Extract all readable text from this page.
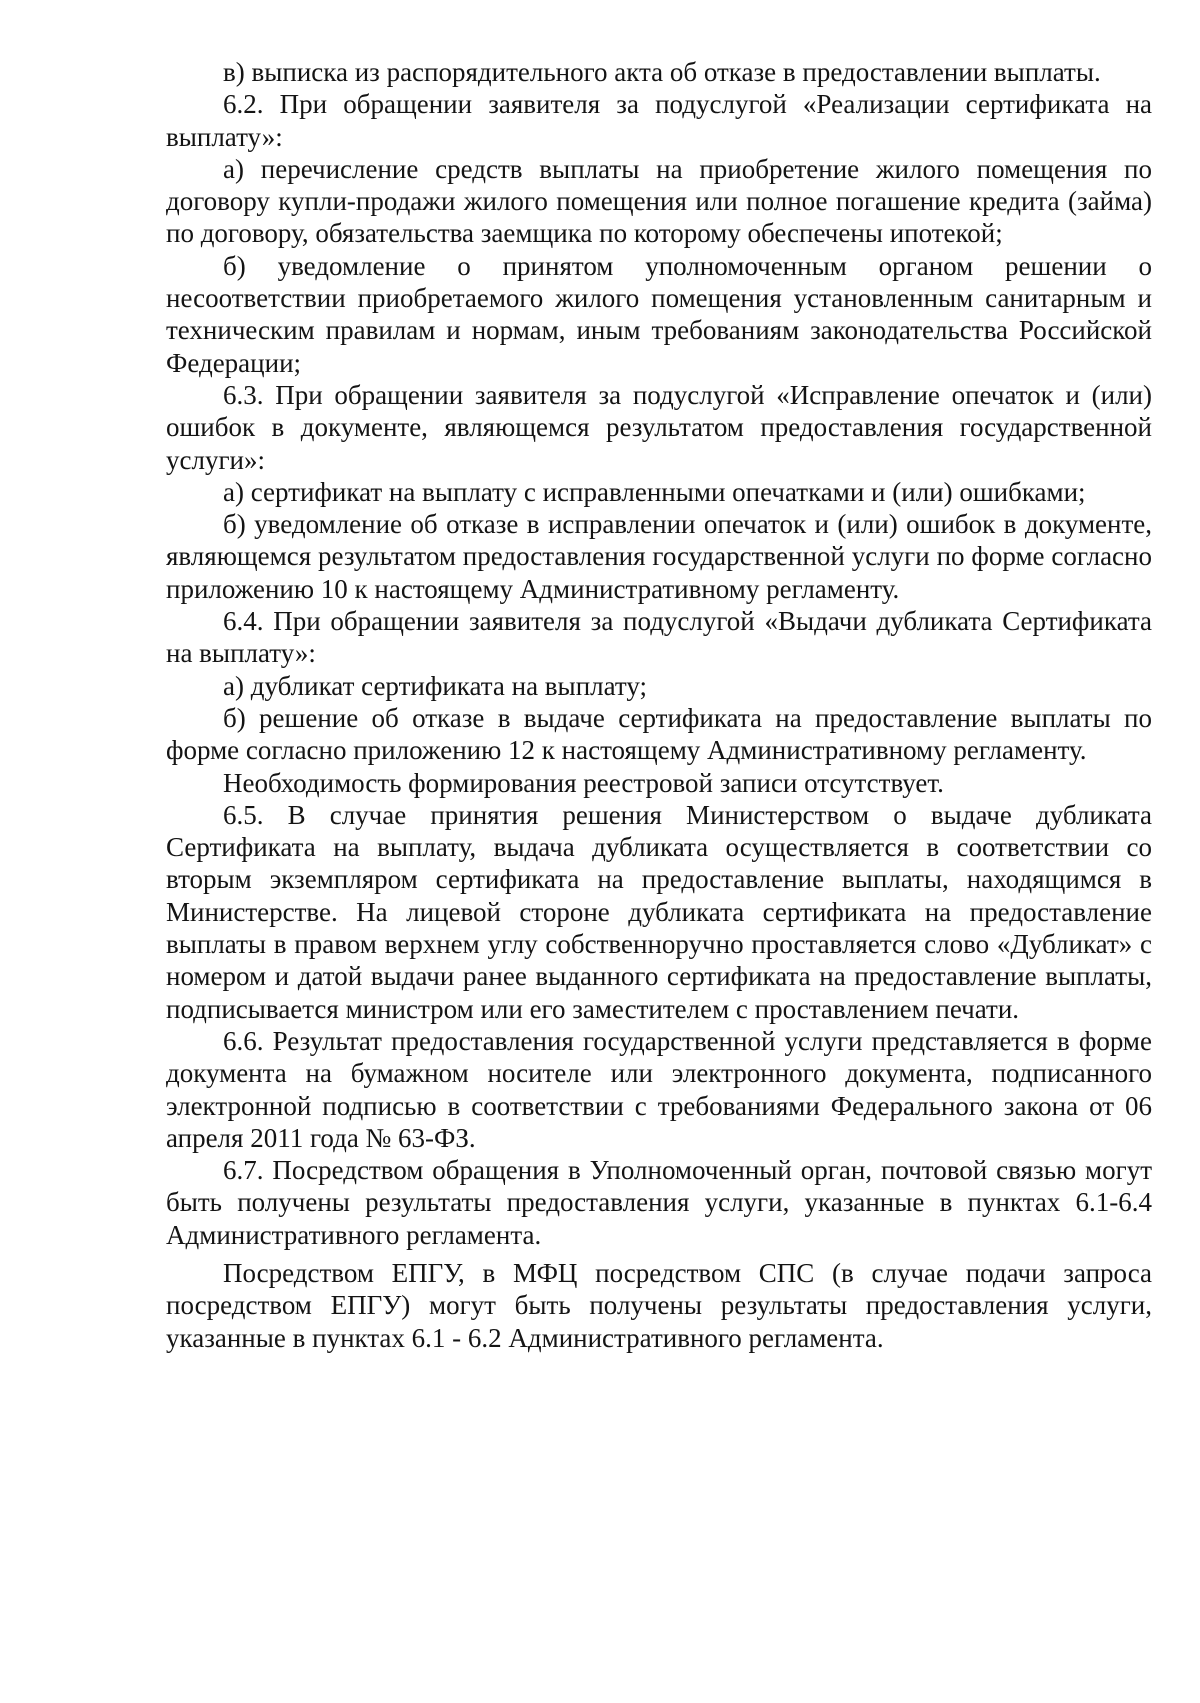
в) выписка из распорядительного акта об отказе в предоставлении выплаты.

6.2. При обращении заявителя за подуслугой «Реализации сертификата на выплату»:

а) перечисление средств выплаты на приобретение жилого помещения по договору купли-продажи жилого помещения или полное погашение кредита (займа) по договору, обязательства заемщика по которому обеспечены ипотекой;

б) уведомление о принятом уполномоченным органом решении о несоответствии приобретаемого жилого помещения установленным санитарным и техническим правилам и нормам, иным требованиям законодательства Российской Федерации;

6.3. При обращении заявителя за подуслугой «Исправление опечаток и (или) ошибок в документе, являющемся результатом предоставления государственной услуги»:

а) сертификат на выплату с исправленными опечатками и (или) ошибками;

б) уведомление об отказе в исправлении опечаток и (или) ошибок в документе, являющемся результатом предоставления государственной услуги по форме согласно приложению 10 к настоящему Административному регламенту.

6.4. При обращении заявителя за подуслугой «Выдачи дубликата Сертификата на выплату»:

а) дубликат сертификата на выплату;

б) решение об отказе в выдаче сертификата на предоставление выплаты по форме согласно приложению 12 к настоящему Административному регламенту.

Необходимость формирования реестровой записи отсутствует.

6.5. В случае принятия решения Министерством о выдаче дубликата Сертификата на выплату, выдача дубликата осуществляется в соответствии со вторым экземпляром сертификата на предоставление выплаты, находящимся в Министерстве. На лицевой стороне дубликата сертификата на предоставление выплаты в правом верхнем углу собственноручно проставляется слово «Дубликат» с номером и датой выдачи ранее выданного сертификата на предоставление выплаты, подписывается министром или его заместителем с проставлением печати.

6.6. Результат предоставления государственной услуги представляется в форме документа на бумажном носителе или электронного документа, подписанного электронной подписью в соответствии с требованиями Федерального закона от 06 апреля 2011 года № 63-ФЗ.

6.7. Посредством обращения в Уполномоченный орган, почтовой связью могут быть получены результаты предоставления услуги, указанные в пунктах 6.1-6.4 Административного регламента.

Посредством ЕПГУ, в МФЦ посредством СПС (в случае подачи запроса посредством ЕПГУ) могут быть получены результаты предоставления услуги, указанные в пунктах 6.1 - 6.2 Административного регламента.
